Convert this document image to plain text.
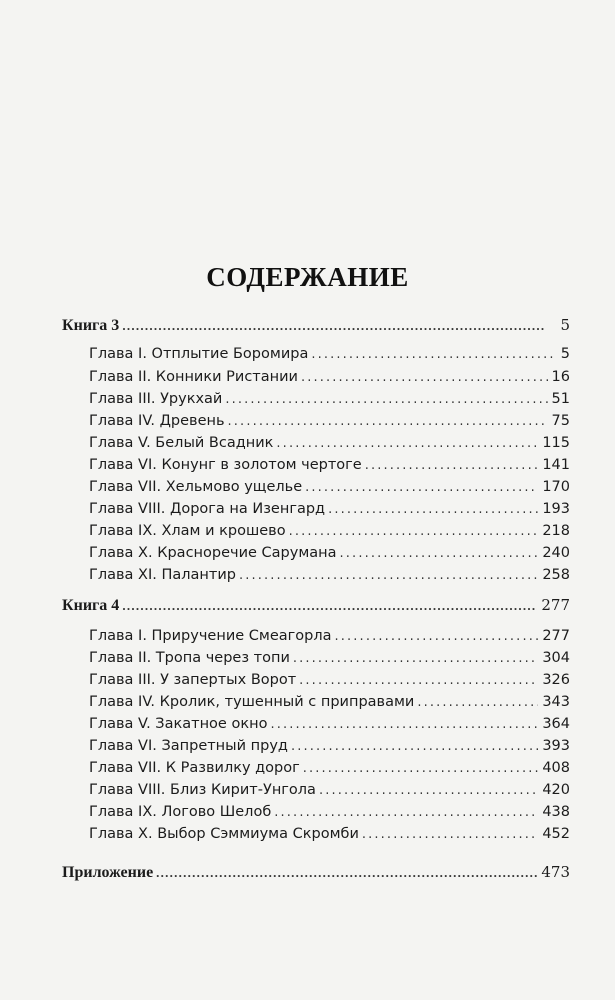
СОДЕРЖАНИЕ
Книга 3 . . .	5
Глава I. Отплытие Боромира . . .	5
Глава II. Конники Ристании . . .	16
Глава III. Урукхай . . .	51
Глава IV. Древень . . .	75
Глава V. Белый Всадник . . .	115
Глава VI. Конунг в золотом чертоге . . .	141
Глава VII. Хельмово ущелье . . .	170
Глава VIII. Дорога на Изенгард . . .	193
Глава IX. Хлам и крошево . . .	218
Глава X. Красноречие Сарумана . . .	240
Глава XI. Палантир . . .	258
Книга 4 . . .	277
Глава I. Приручение Смеагорла . . .	277
Глава II. Тропа через топи . . .	304
Глава III. У запертых Ворот . . .	326
Глава IV. Кролик, тушенный с приправами . . .	343
Глава V. Закатное окно . . .	364
Глава VI. Запретный пруд . . .	393
Глава VII. К Развилку дорог . . .	408
Глава VIII. Близ Кирит-Унгола . . .	420
Глава IX. Логово Шелоб . . .	438
Глава X. Выбор Сэммиума Скромби . . .	452
Приложение . . .	473
